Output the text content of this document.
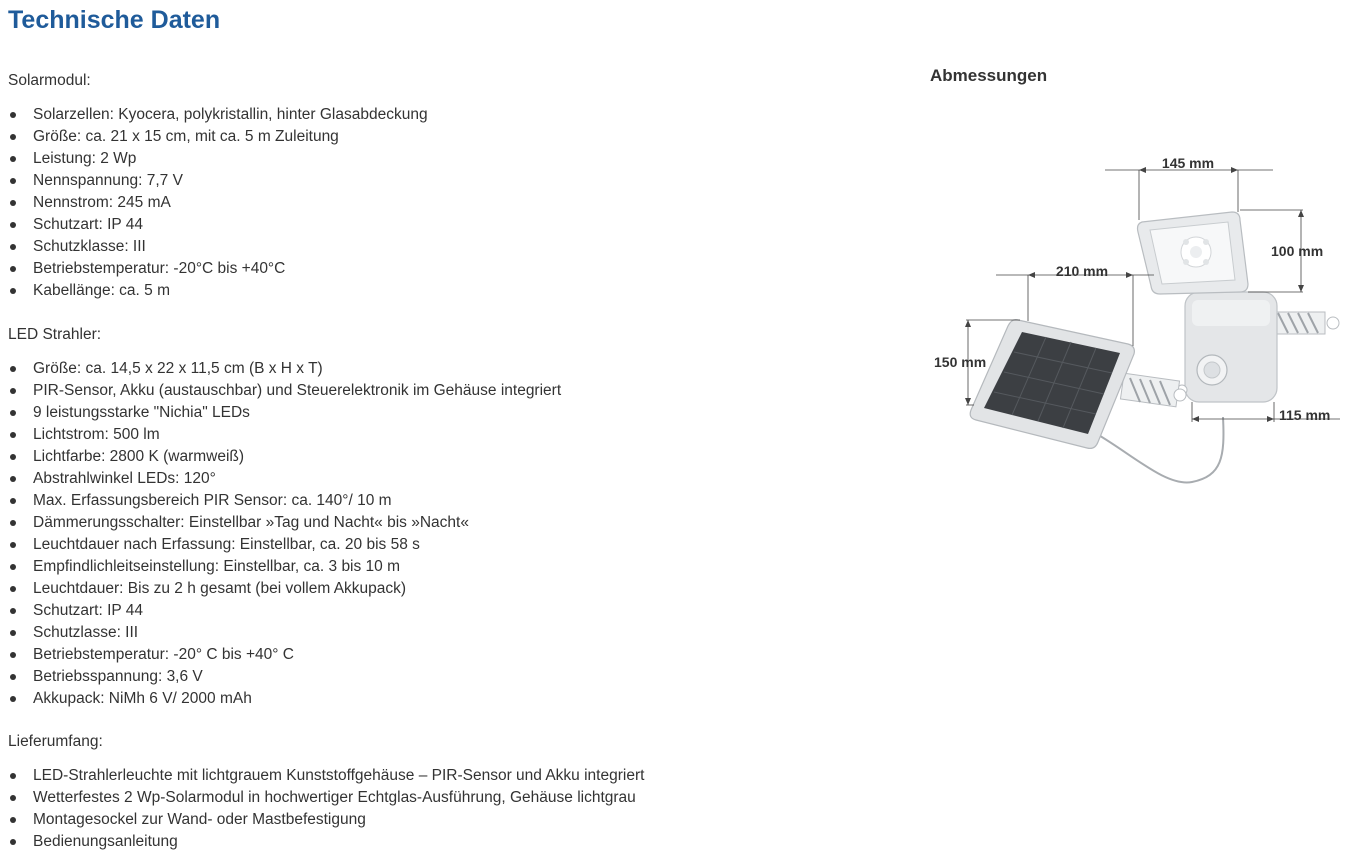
Technische Daten

Solarmodul:

Solarzellen: Kyocera, polykristallin, hinter Glasabdeckung
Größe: ca. 21 x 15 cm, mit ca. 5 m Zuleitung
Leistung: 2 Wp
Nennspannung: 7,7 V
Nennstrom: 245 mA
Schutzart: IP 44
Schutzklasse: III
Betriebstemperatur: -20°C bis +40°C
Kabellänge: ca. 5 m

LED Strahler:

Größe: ca. 14,5 x 22 x 11,5 cm (B x H x T)
PIR-Sensor, Akku (austauschbar) und Steuerelektronik im Gehäuse integriert
9 leistungsstarke "Nichia" LEDs
Lichtstrom: 500 lm
Lichtfarbe: 2800 K (warmweiß)
Abstrahlwinkel LEDs: 120°
Max. Erfassungsbereich PIR Sensor: ca. 140°/ 10 m
Dämmerungsschalter: Einstellbar »Tag und Nacht« bis »Nacht«
Leuchtdauer nach Erfassung: Einstellbar, ca. 20 bis 58 s
Empfindlichleitseinstellung: Einstellbar, ca. 3 bis 10 m
Leuchtdauer: Bis zu 2 h gesamt (bei vollem Akkupack)
Schutzart: IP 44
Schutzlasse: III
Betriebstemperatur: -20° C bis +40° C
Betriebsspannung: 3,6 V
Akkupack: NiMh 6 V/ 2000 mAh

Lieferumfang:

LED-Strahlerleuchte mit lichtgrauem Kunststoffgehäuse – PIR-Sensor und Akku integriert
Wetterfestes 2 Wp-Solarmodul in hochwertiger Echtglas-Ausführung, Gehäuse lichtgrau
Montagesockel zur Wand- oder Mastbefestigung
Bedienungsanleitung
145 mm
100 mm
210 mm
150 mm
115 mm
Abmessungen
